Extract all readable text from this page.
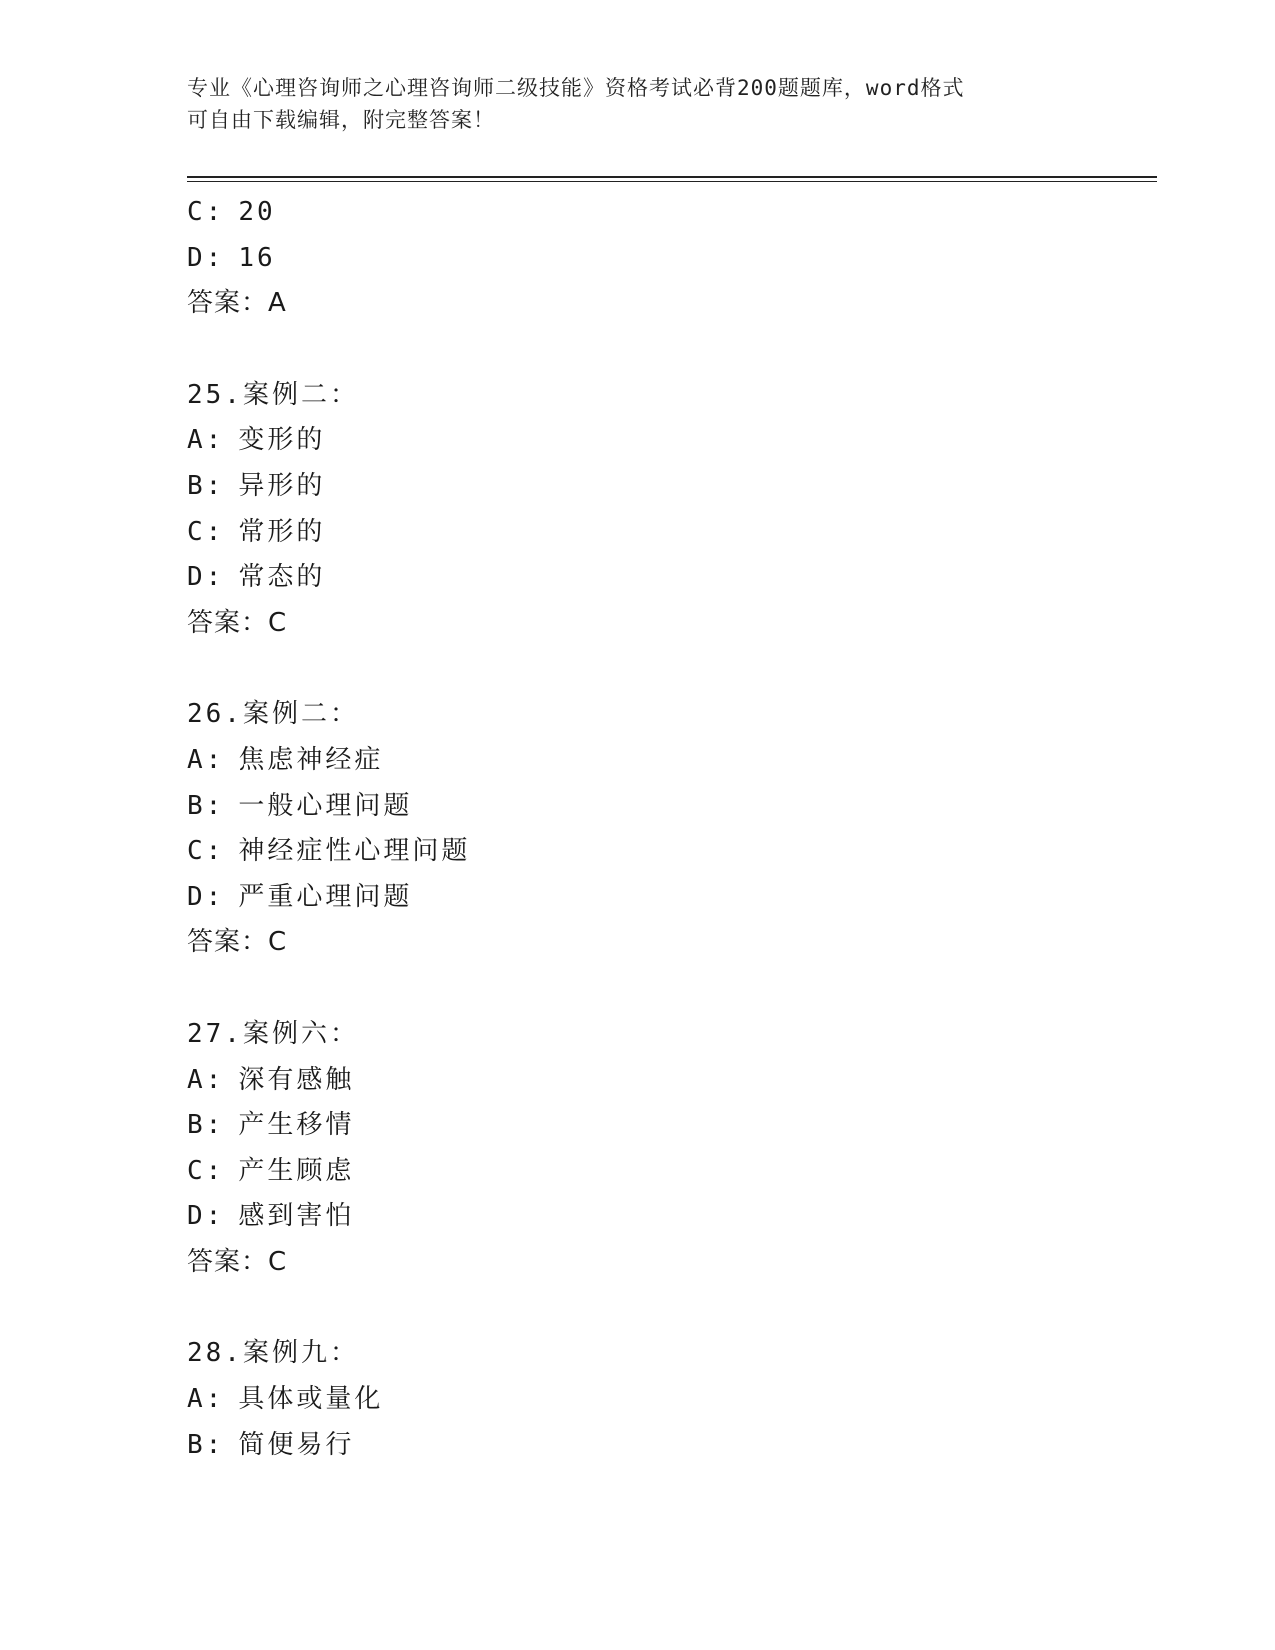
专业《心理咨询师之心理咨询师二级技能》资格考试必背200题题库，word格式
可自由下载编辑，附完整答案！
C: 20
D: 16
答案：A
25.案例二：
A: 变形的
B: 异形的
C: 常形的
D: 常态的
答案：C
26.案例二：
A: 焦虑神经症
B: 一般心理问题
C: 神经症性心理问题
D: 严重心理问题
答案：C
27.案例六：
A: 深有感触
B: 产生移情
C: 产生顾虑
D: 感到害怕
答案：C
28.案例九：
A: 具体或量化
B: 简便易行
